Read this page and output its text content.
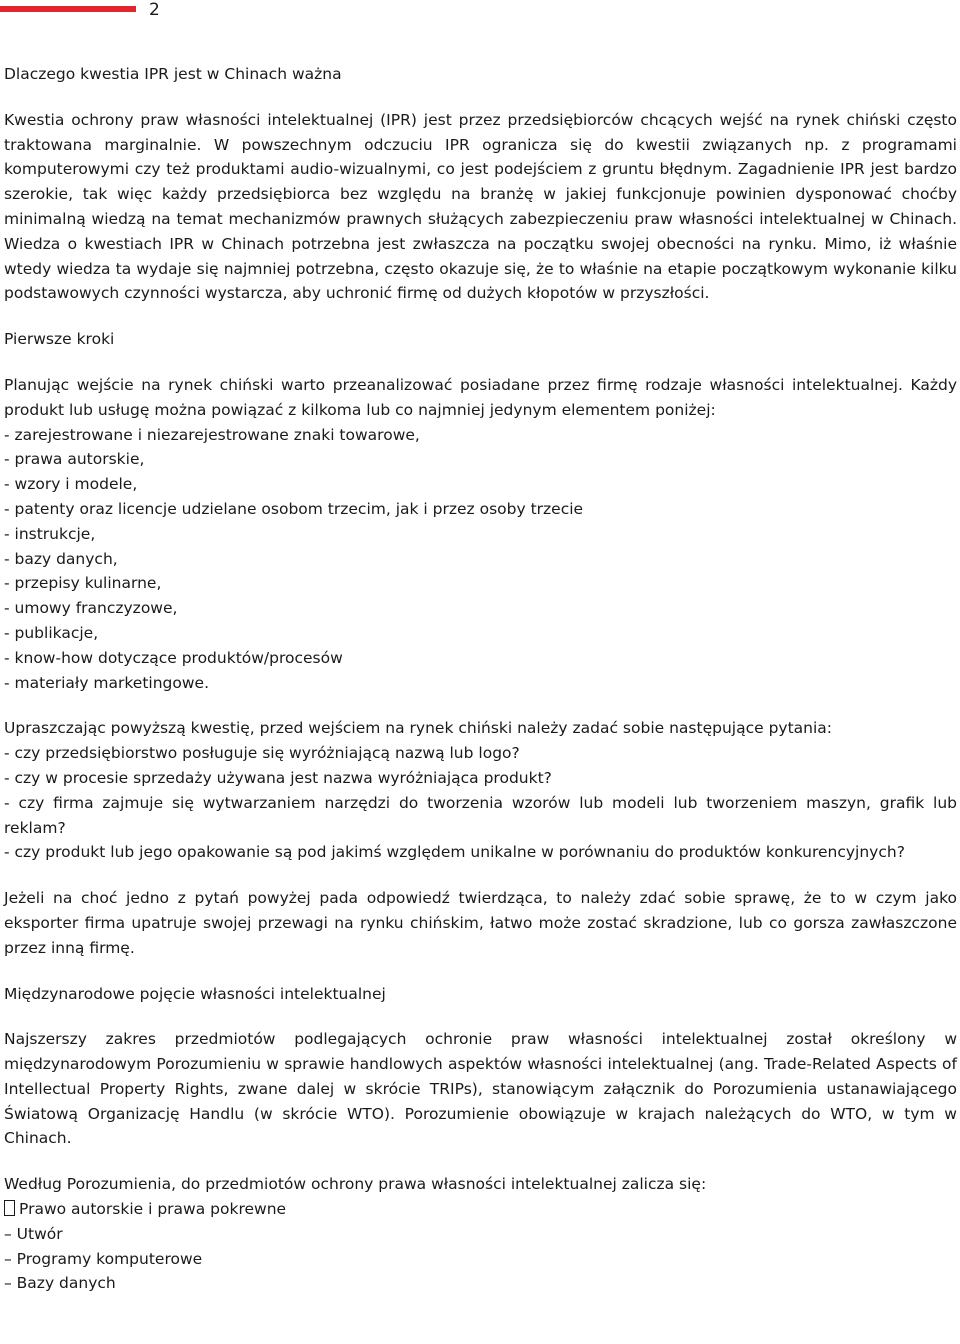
2

Dlaczego kwestia IPR jest w Chinach ważna

Kwestia ochrony praw własności intelektualnej (IPR) jest przez przedsiębiorców chcących wejść na rynek chiński często traktowana marginalnie. W powszechnym odczuciu IPR ogranicza się do kwestii związanych np. z programami komputerowymi czy też produktami audio-wizualnymi, co jest podejściem z gruntu błędnym. Zagadnienie IPR jest bardzo szerokie, tak więc każdy przedsiębiorca bez względu na branżę w jakiej funkcjonuje powinien dysponować choćby minimalną wiedzą na temat mechanizmów prawnych służących zabezpieczeniu praw własności intelektualnej w Chinach. Wiedza o kwestiach IPR w Chinach potrzebna jest zwłaszcza na początku swojej obecności na rynku. Mimo, iż właśnie wtedy wiedza ta wydaje się najmniej potrzebna, często okazuje się, że to właśnie na etapie początkowym wykonanie kilku podstawowych czynności wystarcza, aby uchronić firmę od dużych kłopotów w przyszłości.

Pierwsze kroki

Planując wejście na rynek chiński warto przeanalizować posiadane przez firmę rodzaje własności intelektualnej. Każdy produkt lub usługę można powiązać z kilkoma lub co najmniej jedynym elementem poniżej:

- zarejestrowane i niezarejestrowane znaki towarowe,

- prawa autorskie,

- wzory i modele,

- patenty oraz licencje udzielane osobom trzecim, jak i przez osoby trzecie

- instrukcje,

- bazy danych,

- przepisy kulinarne,

- umowy franczyzowe,

- publikacje,

- know-how dotyczące produktów/procesów

- materiały marketingowe.

Upraszczając powyższą kwestię, przed wejściem na rynek chiński należy zadać sobie następujące pytania:

- czy przedsiębiorstwo posługuje się wyróżniającą nazwą lub logo?

- czy w procesie sprzedaży używana jest nazwa wyróżniająca produkt?

- czy firma zajmuje się wytwarzaniem narzędzi do tworzenia wzorów lub modeli lub tworzeniem maszyn, grafik lub reklam?

- czy produkt lub jego opakowanie są pod jakimś względem unikalne w porównaniu do produktów konkurencyjnych?

Jeżeli na choć jedno z pytań powyżej pada odpowiedź twierdząca, to należy zdać sobie sprawę, że to w czym jako eksporter firma upatruje swojej przewagi na rynku chińskim, łatwo może zostać skradzione, lub co gorsza zawłaszczone przez inną firmę.

Międzynarodowe pojęcie własności intelektualnej

Najszerszy zakres przedmiotów podlegających ochronie praw własności intelektualnej został określony w międzynarodowym Porozumieniu w sprawie handlowych aspektów własności intelektualnej (ang. Trade-Related Aspects of Intellectual Property Rights, zwane dalej w skrócie TRIPs), stanowiącym załącznik do Porozumienia ustanawiającego Światową Organizację Handlu (w skrócie WTO). Porozumienie obowiązuje w krajach należących do WTO, w tym w Chinach.

Według Porozumienia, do przedmiotów ochrony prawa własności intelektualnej zalicza się:

Prawo autorskie i prawa pokrewne

– Utwór

– Programy komputerowe

– Bazy danych
